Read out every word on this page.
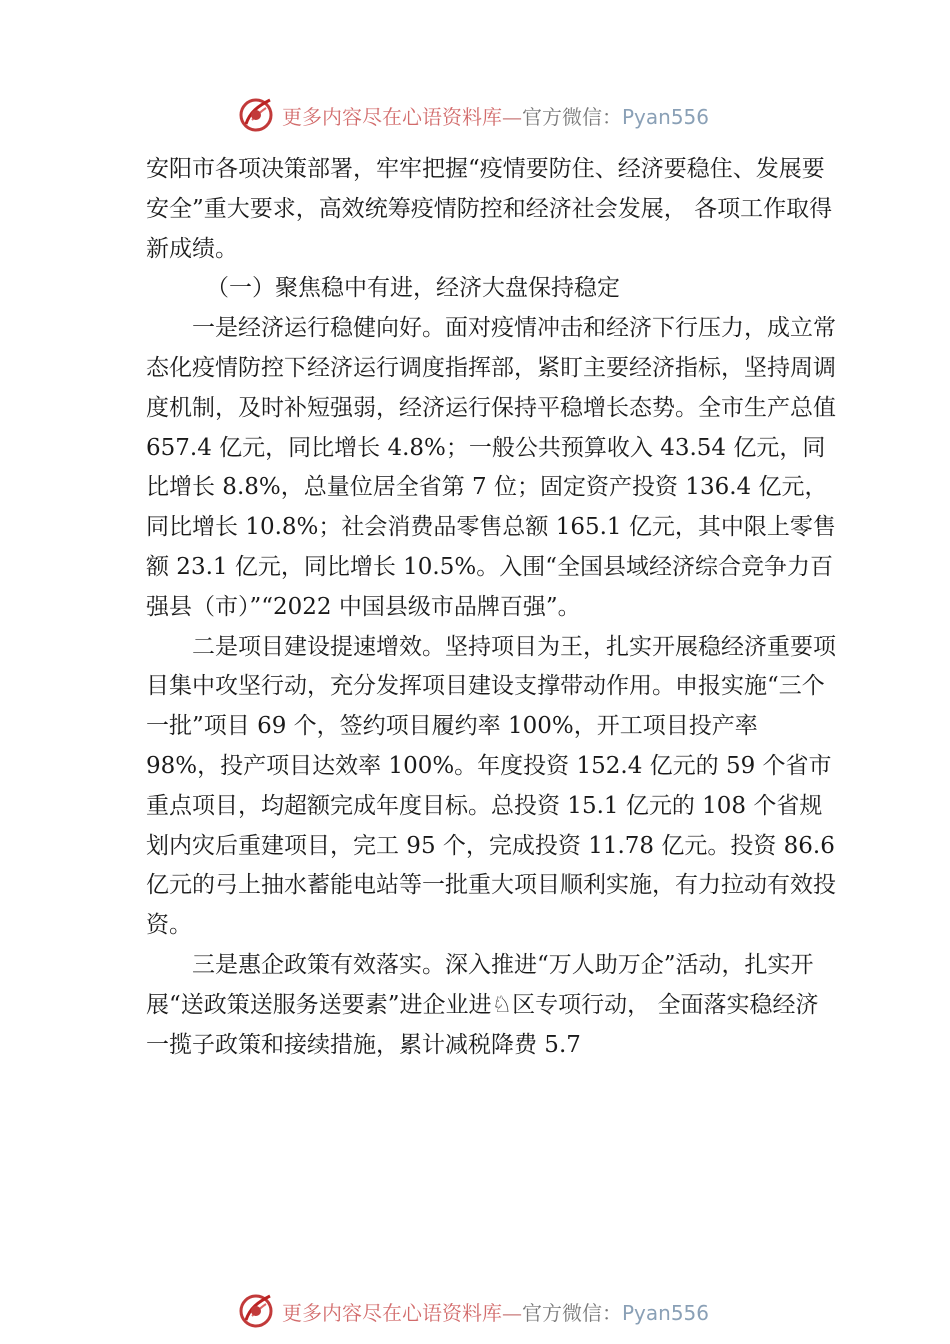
更多内容尽在心语资料库—官方微信：Pyan556

安阳市各项决策部署，牢牢把握“疫情要防住、经济要稳住、发展要安全”重大要求，高效统筹疫情防控和经济社会发展， 各项工作取得新成绩。

（一）聚焦稳中有进，经济大盘保持稳定

一是经济运行稳健向好。面对疫情冲击和经济下行压力，成立常态化疫情防控下经济运行调度指挥部，紧盯主要经济指标，坚持周调度机制，及时补短强弱，经济运行保持平稳增长态势。全市生产总值 657.4 亿元，同比增长 4.8%；一般公共预算收入 43.54 亿元，同比增长 8.8%，总量位居全省第 7 位；固定资产投资 136.4 亿元，同比增长 10.8%；社会消费品零售总额 165.1 亿元，其中限上零售额 23.1 亿元，同比增长 10.5%。入围“全国县域经济综合竞争力百强县（市）”“2022 中国县级市品牌百强”。

二是项目建设提速增效。坚持项目为王，扎实开展稳经济重要项目集中攻坚行动，充分发挥项目建设支撑带动作用。申报实施“三个一批”项目 69 个，签约项目履约率 100%，开工项目投产率 98%，投产项目达效率 100%。年度投资 152.4 亿元的 59 个省市重点项目，均超额完成年度目标。总投资 15.1 亿元的 108 个省规划内灾后重建项目，完工 95 个，完成投资 11.78 亿元。投资 86.6 亿元的弓上抽水蓄能电站等一批重大项目顺利实施，有力拉动有效投资。

三是惠企政策有效落实。深入推进“万人助万企”活动，扎实开展“送政策送服务送要素”进企业进♘区专项行动， 全面落实稳经济一揽子政策和接续措施，累计减税降费 5.7

更多内容尽在心语资料库—官方微信：Pyan556
